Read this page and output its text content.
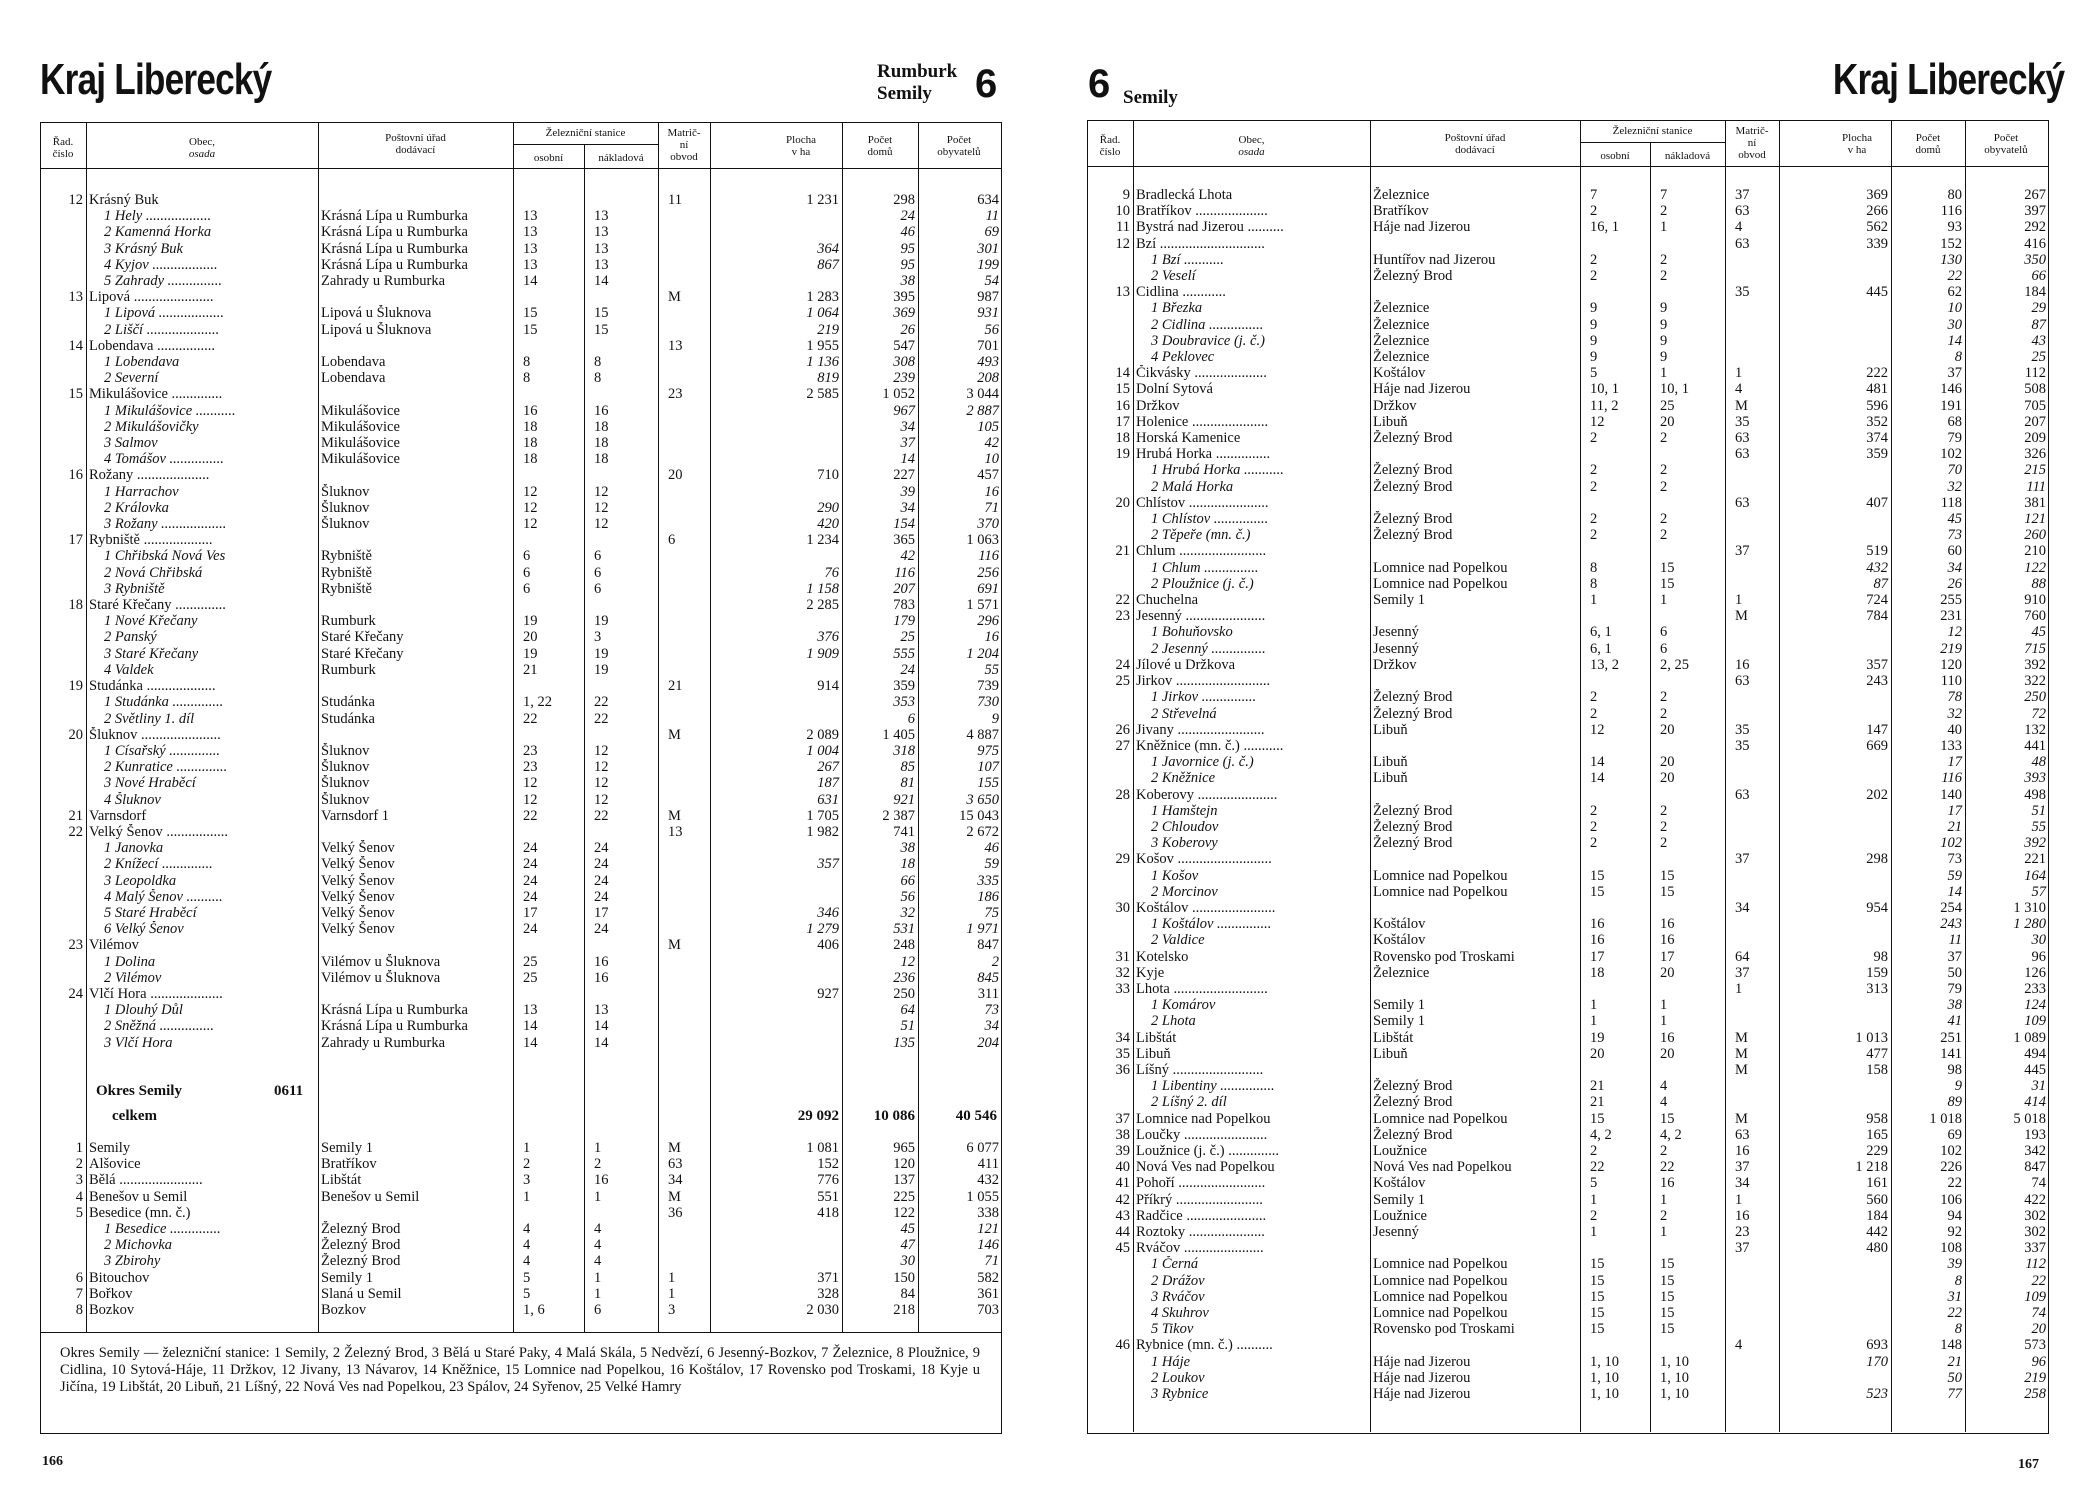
Kraj Liberecký	Rumburk
Semily 6
Řad.
číslo
Obec,
osada
Poštovní úřad
dodávací
Železniční stanice
osobní	nákladová
Matrič-
ní
obvod
Plocha
v ha
Počet
domů
Počet
obyvatelů
12	Krásný Buk				11	1 231	298	634
	1 Hely ..................	Krásná Lípa u Rumburka	13	13			24	11
	2 Kamenná Horka	Krásná Lípa u Rumburka	13	13			46	69
	3 Krásný Buk	Krásná Lípa u Rumburka	13	13		364	95	301
	4 Kyjov ..................	Krásná Lípa u Rumburka	13	13		867	95	199
	5 Zahrady ...............	Zahrady u Rumburka	14	14			38	54
13	Lipová ......................				M	1 283	395	987
	1 Lipová ..................	Lipová u Šluknova	15	15		1 064	369	931
	2 Liščí ....................	Lipová u Šluknova	15	15		219	26	56
14	Lobendava ................				13	1 955	547	701
	1 Lobendava	Lobendava	8	8		1 136	308	493
	2 Severní	Lobendava	8	8		819	239	208
15	Mikulášovice ..............				23	2 585	1 052	3 044
	1 Mikulášovice ...........	Mikulášovice	16	16			967	2 887
	2 Mikulášovičky	Mikulášovice	18	18			34	105
	3 Salmov	Mikulášovice	18	18			37	42
	4 Tomášov ...............	Mikulášovice	18	18			14	10
16	Rožany ....................				20	710	227	457
	1 Harrachov	Šluknov	12	12			39	16
	2 Královka	Šluknov	12	12		290	34	71
	3 Rožany ..................	Šluknov	12	12		420	154	370
17	Rybniště ...................				6	1 234	365	1 063
	1 Chřibská Nová Ves	Rybniště	6	6			42	116
	2 Nová Chřibská	Rybniště	6	6		76	116	256
	3 Rybniště	Rybniště	6	6		1 158	207	691
18	Staré Křečany ..............					2 285	783	1 571
	1 Nové Křečany	Rumburk	19	19			179	296
	2 Panský	Staré Křečany	20	3		376	25	16
	3 Staré Křečany	Staré Křečany	19	19		1 909	555	1 204
	4 Valdek	Rumburk	21	19			24	55
19	Studánka ...................				21	914	359	739
	1 Studánka ..............	Studánka	1, 22	22			353	730
	2 Světliny 1. díl	Studánka	22	22			6	9
20	Šluknov ......................				M	2 089	1 405	4 887
	1 Císařský ..............	Šluknov	23	12		1 004	318	975
	2 Kunratice ..............	Šluknov	23	12		267	85	107
	3 Nové Hraběcí	Šluknov	12	12		187	81	155
	4 Šluknov	Šluknov	12	12		631	921	3 650
21	Varnsdorf	Varnsdorf 1	22	22	M	1 705	2 387	15 043
22	Velký Šenov .................				13	1 982	741	2 672
	1 Janovka	Velký Šenov	24	24			38	46
	2 Knížecí ..............	Velký Šenov	24	24		357	18	59
	3 Leopoldka	Velký Šenov	24	24			66	335
	4 Malý Šenov ..........	Velký Šenov	24	24			56	186
	5 Staré Hraběcí	Velký Šenov	17	17		346	32	75
	6 Velký Šenov	Velký Šenov	24	24		1 279	531	1 971
23	Vilémov				M	406	248	847
	1 Dolina	Vilémov u Šluknova	25	16			12	2
	2 Vilémov	Vilémov u Šluknova	25	16			236	845
24	Vlčí Hora ....................					927	250	311
	1 Dlouhý Důl	Krásná Lípa u Rumburka	13	13			64	73
	2 Sněžná ...............	Krásná Lípa u Rumburka	14	14			51	34
	3 Vlčí Hora	Zahrady u Rumburka	14	14			135	204
Okres Semily	0611
celkem	29 092	10 086	40 546
1	Semily	Semily 1	1	1	M	1 081	965	6 077
2	Alšovice	Bratříkov	2	2	63	152	120	411
3	Bělá .......................	Libštát	3	16	34	776	137	432
4	Benešov u Semil	Benešov u Semil	1	1	M	551	225	1 055
5	Besedice (mn. č.)				36	418	122	338
	1 Besedice ..............	Železný Brod	4	4			45	121
	2 Michovka	Železný Brod	4	4			47	146
	3 Zbirohy	Železný Brod	4	4			30	71
6	Bitouchov	Semily 1	5	1	1	371	150	582
7	Bořkov	Slaná u Semil	5	1	1	328	84	361
8	Bozkov	Bozkov	1, 6	6	3	2 030	218	703
Okres Semily — železniční stanice: 1 Semily, 2 Železný Brod, 3 Bělá u Staré Paky, 4 Malá Skála, 5 Nedvězí, 6 Jesenný-Bozkov, 7 Železnice, 8 Ploužnice, 9 Cidlina, 10 Sytová-Háje, 11 Držkov, 12 Jivany, 13 Návarov, 14 Kněžnice, 15 Lomnice nad Popelkou, 16 Koštálov, 17 Rovensko pod Troskami, 18 Kyje u Jičína, 19 Libštát, 20 Libuň, 21 Líšný, 22 Nová Ves nad Popelkou, 23 Spálov, 24 Syřenov, 25 Velké Hamry
166
6 Semily	Kraj Liberecký
Řad.
číslo
Obec,
osada
Poštovní úřad
dodávací
Železniční stanice
osobní	nákladová
Matrič-
ní
obvod
Plocha
v ha
Počet
domů
Počet
obyvatelů
9	Bradlecká Lhota	Železnice	7	7	37	369	80	267
10	Bratříkov ....................	Bratříkov	2	2	63	266	116	397
11	Bystrá nad Jizerou ..........	Háje nad Jizerou	16, 1	1	4	562	93	292
12	Bzí .............................				63	339	152	416
	1 Bzí ...........	Huntířov nad Jizerou	2	2			130	350
	2 Veselí	Železný Brod	2	2			22	66
13	Cidlina ............				35	445	62	184
	1 Březka	Železnice	9	9			10	29
	2 Cidlina ...............	Železnice	9	9			30	87
	3 Doubravice (j. č.)	Železnice	9	9			14	43
	4 Peklovec	Železnice	9	9			8	25
14	Čikvásky ....................	Koštálov	5	1	1	222	37	112
15	Dolní Sytová	Háje nad Jizerou	10, 1	10, 1	4	481	146	508
16	Držkov	Držkov	11, 2	25	M	596	191	705
17	Holenice .....................	Libuň	12	20	35	352	68	207
18	Horská Kamenice	Železný Brod	2	2	63	374	79	209
19	Hrubá Horka ...............				63	359	102	326
	1 Hrubá Horka ...........	Železný Brod	2	2			70	215
	2 Malá Horka	Železný Brod	2	2			32	111
20	Chlístov ......................				63	407	118	381
	1 Chlístov ...............	Železný Brod	2	2			45	121
	2 Těpeře (mn. č.)	Železný Brod	2	2			73	260
21	Chlum ........................				37	519	60	210
	1 Chlum ...............	Lomnice nad Popelkou	8	15		432	34	122
	2 Ploužnice (j. č.)	Lomnice nad Popelkou	8	15		87	26	88
22	Chuchelna	Semily 1	1	1	1	724	255	910
23	Jesenný ......................				M	784	231	760
	1 Bohuňovsko	Jesenný	6, 1	6			12	45
	2 Jesenný ...............	Jesenný	6, 1	6			219	715
24	Jílové u Držkova	Držkov	13, 2	2, 25	16	357	120	392
25	Jirkov ..........................				63	243	110	322
	1 Jirkov ...............	Železný Brod	2	2			78	250
	2 Střevelná	Železný Brod	2	2			32	72
26	Jivany ........................	Libuň	12	20	35	147	40	132
27	Kněžnice (mn. č.) ...........				35	669	133	441
	1 Javornice (j. č.)	Libuň	14	20			17	48
	2 Kněžnice	Libuň	14	20			116	393
28	Koberovy ......................				63	202	140	498
	1 Hamštejn	Železný Brod	2	2			17	51
	2 Chloudov	Železný Brod	2	2			21	55
	3 Koberovy	Železný Brod	2	2			102	392
29	Košov ..........................				37	298	73	221
	1 Košov	Lomnice nad Popelkou	15	15			59	164
	2 Morcinov	Lomnice nad Popelkou	15	15			14	57
30	Koštálov .......................				34	954	254	1 310
	1 Koštálov ...............	Koštálov	16	16			243	1 280
	2 Valdice	Koštálov	16	16			11	30
31	Kotelsko	Rovensko pod Troskami	17	17	64	98	37	96
32	Kyje	Železnice	18	20	37	159	50	126
33	Lhota ..........................				1	313	79	233
	1 Komárov	Semily 1	1	1			38	124
	2 Lhota	Semily 1	1	1			41	109
34	Libštát	Libštát	19	16	M	1 013	251	1 089
35	Libuň	Libuň	20	20	M	477	141	494
36	Líšný .........................				M	158	98	445
	1 Libentiny ...............	Železný Brod	21	4			9	31
	2 Líšný 2. díl	Železný Brod	21	4			89	414
37	Lomnice nad Popelkou	Lomnice nad Popelkou	15	15	M	958	1 018	5 018
38	Loučky .......................	Železný Brod	4, 2	4, 2	63	165	69	193
39	Loužnice (j. č.) ..............	Loužnice	2	2	16	229	102	342
40	Nová Ves nad Popelkou	Nová Ves nad Popelkou	22	22	37	1 218	226	847
41	Pohoří ........................	Koštálov	5	16	34	161	22	74
42	Příkrý ........................	Semily 1	1	1	1	560	106	422
43	Radčice ......................	Loužnice	2	2	16	184	94	302
44	Roztoky .....................	Jesenný	1	1	23	442	92	302
45	Rváčov ......................				37	480	108	337
	1 Černá	Lomnice nad Popelkou	15	15			39	112
	2 Drážov	Lomnice nad Popelkou	15	15			8	22
	3 Rváčov	Lomnice nad Popelkou	15	15			31	109
	4 Skuhrov	Lomnice nad Popelkou	15	15			22	74
	5 Tikov	Rovensko pod Troskami	15	15			8	20
46	Rybnice (mn. č.) ..........				4	693	148	573
	1 Háje	Háje nad Jizerou	1, 10	1, 10		170	21	96
	2 Loukov	Háje nad Jizerou	1, 10	1, 10			50	219
	3 Rybnice	Háje nad Jizerou	1, 10	1, 10		523	77	258
167
